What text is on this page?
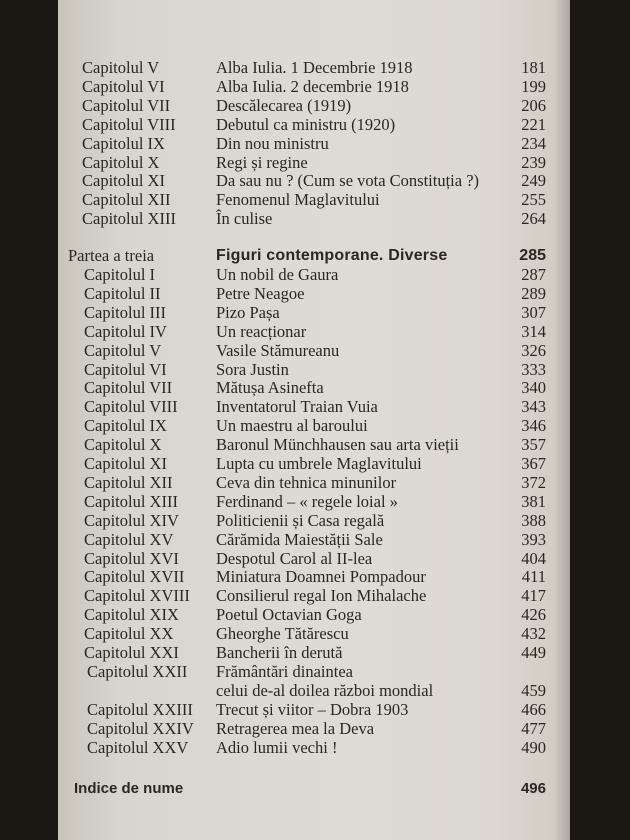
Capitolul V	Alba Iulia. 1 Decembrie 1918	181
Capitolul VI	Alba Iulia. 2 decembrie 1918	199
Capitolul VII	Descălecarea (1919)	206
Capitolul VIII Debutul ca ministru (1920)	221
Capitolul IX	Din nou ministru	234
Capitolul X	Regi și regine	239
Capitolul XI	Da sau nu ? (Cum se vota Constituția ?)	249
Capitolul XII	Fenomenul Maglavitului	255
Capitolul XIII În culise	264
Partea a treia	Figuri contemporane. Diverse	285
Capitolul I	Un nobil de Gaura	287
Capitolul II	Petre Neagoe	289
Capitolul III	Pizo Pașa	307
Capitolul IV	Un reacționar	314
Capitolul V	Vasile Stămureanu	326
Capitolul VI	Sora Justin	333
Capitolul VII	Mătușa Asinefta	340
Capitolul VIII Inventatorul Traian Vuia	343
Capitolul IX	Un maestru al baroului	346
Capitolul X	Baronul Münchhausen sau arta vieții	357
Capitolul XI	Lupta cu umbrele Maglavitului	367
Capitolul XII	Ceva din tehnica minunilor	372
Capitolul XIII Ferdinand – « regele loial »	381
Capitolul XIV Politicienii și Casa regală	388
Capitolul XV	Cărămida Maiestății Sale	393
Capitolul XVI Despotul Carol al II-lea	404
Capitolul XVII Miniatura Doamnei Pompadour	411
Capitolul XVIII Consilierul regal Ion Mihalache	417
Capitolul XIX Poetul Octavian Goga	426
Capitolul XX	Gheorghe Tătărescu	432
Capitolul XXI Bancherii în derută	449
Capitolul XXII Frământări dinaintea
celui de-al doilea război mondial	459
Capitolul XXIII Trecut și viitor – Dobra 1903	466
Capitolul XXIV Retragerea mea la Deva	477
Capitolul XXV Adio lumii vechi !	490
Indice de nume	496
